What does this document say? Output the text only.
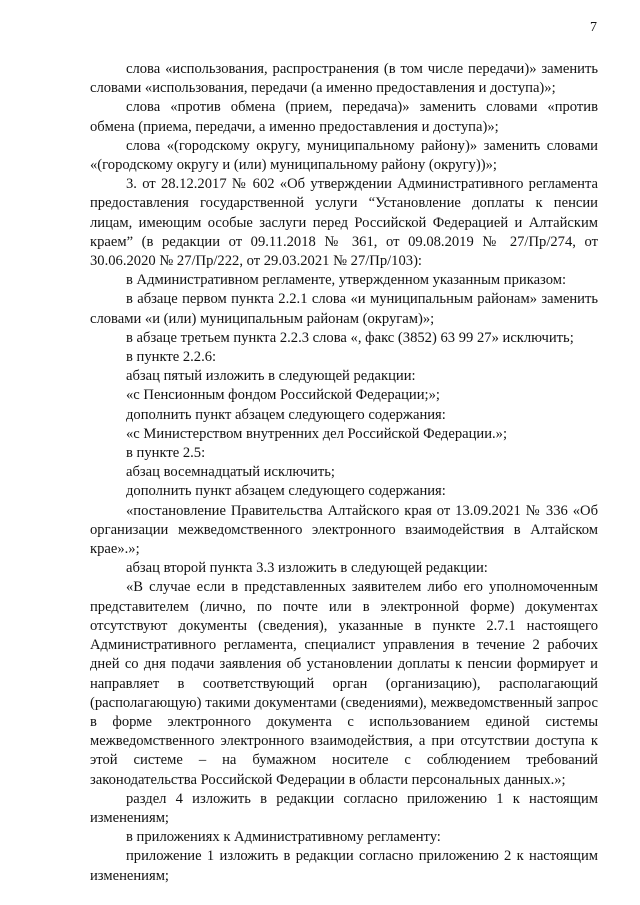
7

слова «использования, распространения (в том числе передачи)» заменить словами «использования, передачи (а именно предоставления и доступа)»;

слова «против обмена (прием, передача)» заменить словами «против обмена (приема, передачи, а именно предоставления и доступа)»;

слова «(городскому округу, муниципальному району)» заменить словами «(городскому округу и (или) муниципальному району (округу))»;

3. от 28.12.2017 № 602 «Об утверждении Административного регламента предоставления государственной услуги “Установление доплаты к пенсии лицам, имеющим особые заслуги перед Российской Федерацией и Алтайским краем” (в редакции от 09.11.2018 № 361, от 09.08.2019 № 27/Пр/274, от 30.06.2020 № 27/Пр/222, от 29.03.2021 № 27/Пр/103):

в Административном регламенте, утвержденном указанным приказом:

в абзаце первом пункта 2.2.1 слова «и муниципальным районам» заменить словами «и (или) муниципальным районам (округам)»;

в абзаце третьем пункта 2.2.3 слова «, факс (3852) 63 99 27» исключить;

в пункте 2.2.6:

абзац пятый изложить в следующей редакции:

«с Пенсионным фондом Российской Федерации;»;

дополнить пункт абзацем следующего содержания:

«с Министерством внутренних дел Российской Федерации.»;

в пункте 2.5:

абзац восемнадцатый исключить;

дополнить пункт абзацем следующего содержания:

«постановление Правительства Алтайского края от 13.09.2021 № 336 «Об организации межведомственного электронного взаимодействия в Алтайском крае».»;

абзац второй пункта 3.3 изложить в следующей редакции:

«В случае если в представленных заявителем либо его уполномоченным представителем (лично, по почте или в электронной форме) документах отсутствуют документы (сведения), указанные в пункте 2.7.1 настоящего Административного регламента, специалист управления в течение 2 рабочих дней со дня подачи заявления об установлении доплаты к пенсии формирует и направляет в соответствующий орган (организацию), располагающий (располагающую) такими документами (сведениями), межведомственный запрос в форме электронного документа с использованием единой системы межведомственного электронного взаимодействия, а при отсутствии доступа к этой системе – на бумажном носителе с соблюдением требований законодательства Российской Федерации в области персональных данных.»;

раздел 4 изложить в редакции согласно приложению 1 к настоящим изменениям;

в приложениях к Административному регламенту:

приложение 1 изложить в редакции согласно приложению 2 к настоящим изменениям;
